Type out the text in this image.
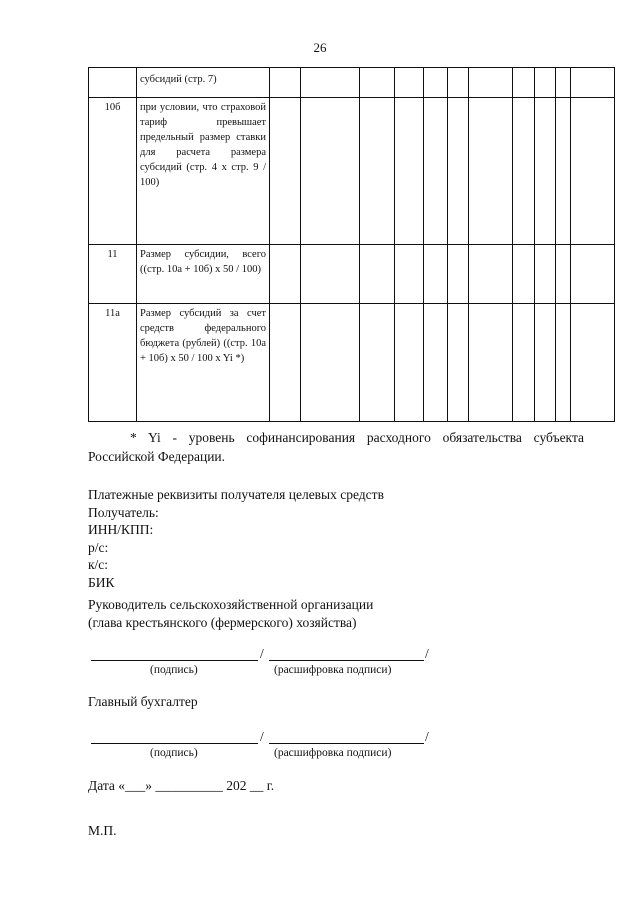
26
	субсидий (стр. 7)											
10б	при условии, что страховой тариф превышает предельный размер ставки для расчета размера субсидий (стр. 4 x стр. 9 / 100)											
11	Размер субсидии, всего ((стр. 10а + 10б) x 50 / 100)											
11а	Размер субсидий за счет средств федерального бюджета (рублей) ((стр. 10а + 10б) x 50 / 100 x Yi *)											
* Yi - уровень софинансирования расходного обязательства субъекта Российской Федерации.
Платежные реквизиты получателя целевых средств
Получатель:
ИНН/КПП:
р/с:
к/с:
БИК
Руководитель сельскохозяйственной организации
(глава крестьянского (фермерского) хозяйства)
/	/
(подпись)	(расшифровка подписи)
Главный бухгалтер
/	/
(подпись)	(расшифровка подписи)
Дата «___» __________ 202 __ г.
М.П.
